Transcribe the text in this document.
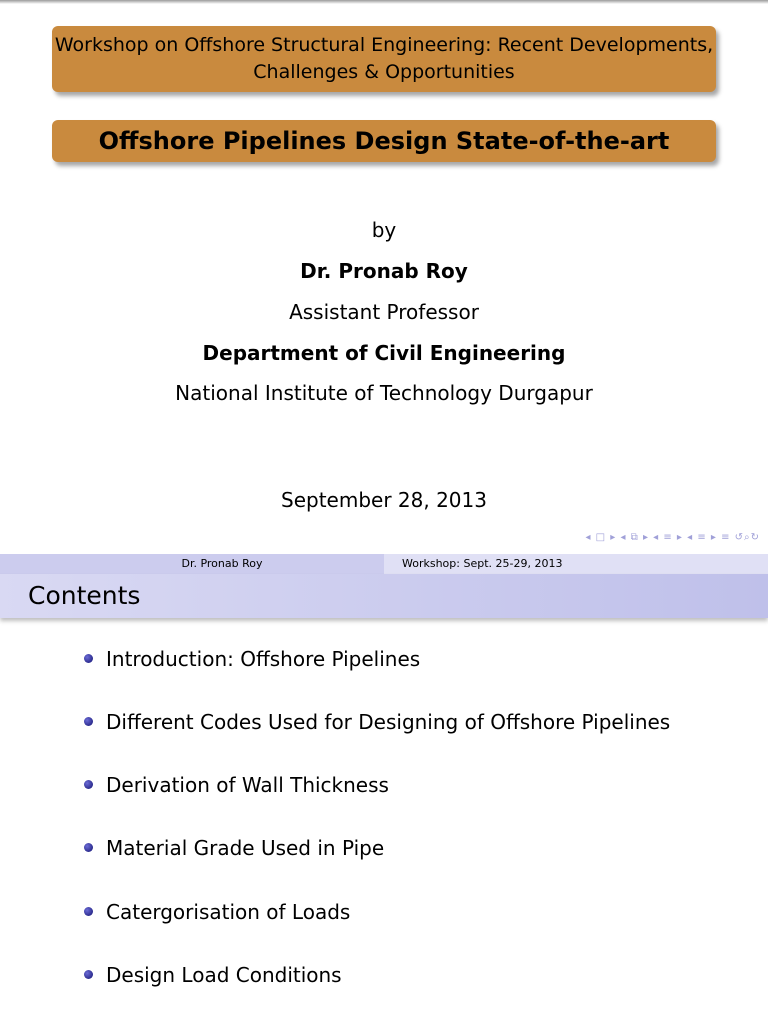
Workshop on Offshore Structural Engineering: Recent Developments, Challenges & Opportunities
Offshore Pipelines Design State-of-the-art
by
Dr. Pronab Roy
Assistant Professor
Department of Civil Engineering
National Institute of Technology Durgapur
September 28, 2013
◂ □ ▸ ◂ ⧉ ▸ ◂ ≡ ▸ ◂ ≡ ▸ ≡ ↺⌕↻
Dr. Pronab Roy	Workshop: Sept. 25-29, 2013
Contents
Introduction: Offshore Pipelines
Different Codes Used for Designing of Offshore Pipelines
Derivation of Wall Thickness
Material Grade Used in Pipe
Catergorisation of Loads
Design Load Conditions
